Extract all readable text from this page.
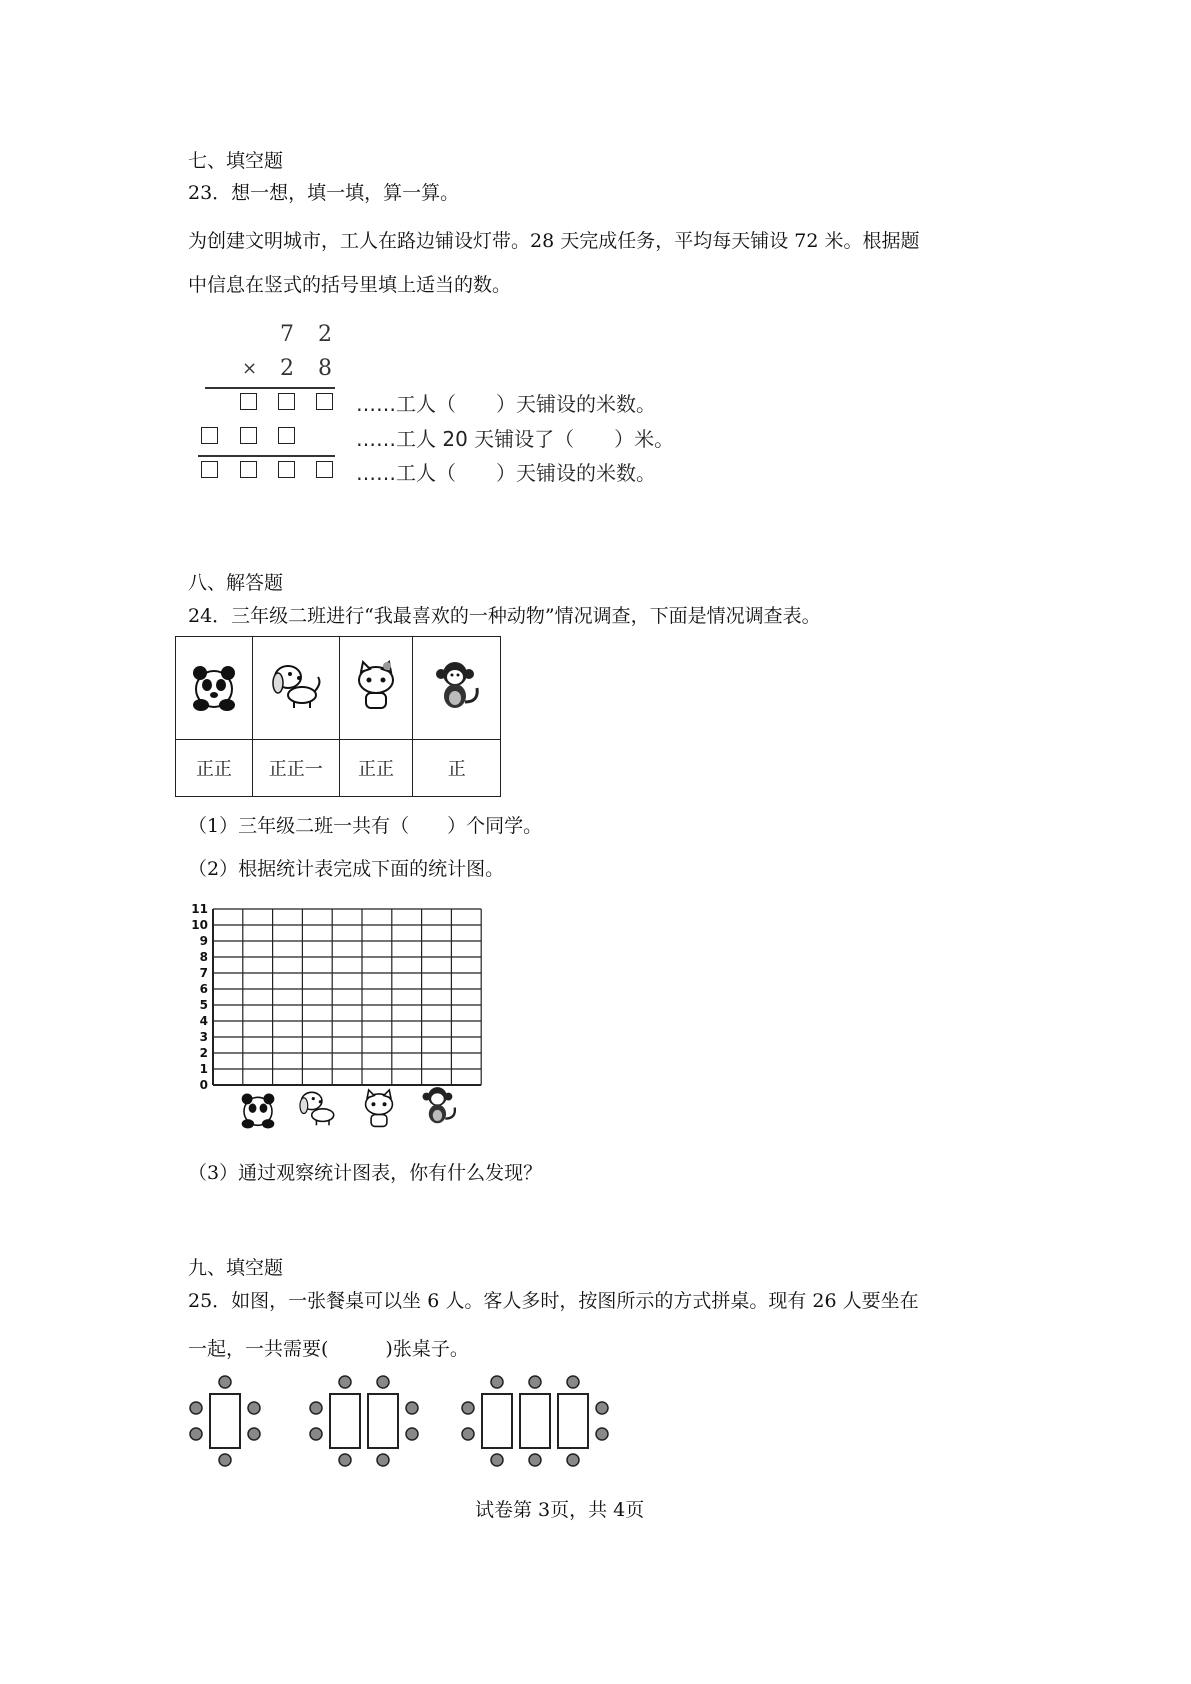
七、填空题
23．想一想，填一填，算一算。
为创建文明城市，工人在路边铺设灯带。28 天完成任务，平均每天铺设 72 米。根据题
中信息在竖式的括号里填上适当的数。
7 2
× 2 8
……工人（　　）天铺设的米数。
……工人 20 天铺设了（　　）米。
……工人（　　）天铺设的米数。
八、解答题
24．三年级二班进行“我最喜欢的一种动物”情况调查，下面是情况调查表。

正正	正正一	正正	正
（1）三年级二班一共有（　　）个同学。
（2）根据统计表完成下面的统计图。
11
10
9
8
7
6
5
4
3
2
1
0
（3）通过观察统计图表，你有什么发现？
九、填空题
25．如图，一张餐桌可以坐 6 人。客人多时，按图所示的方式拼桌。现有 26 人要坐在
一起，一共需要(　　　)张桌子。
试卷第 3页，共 4页
